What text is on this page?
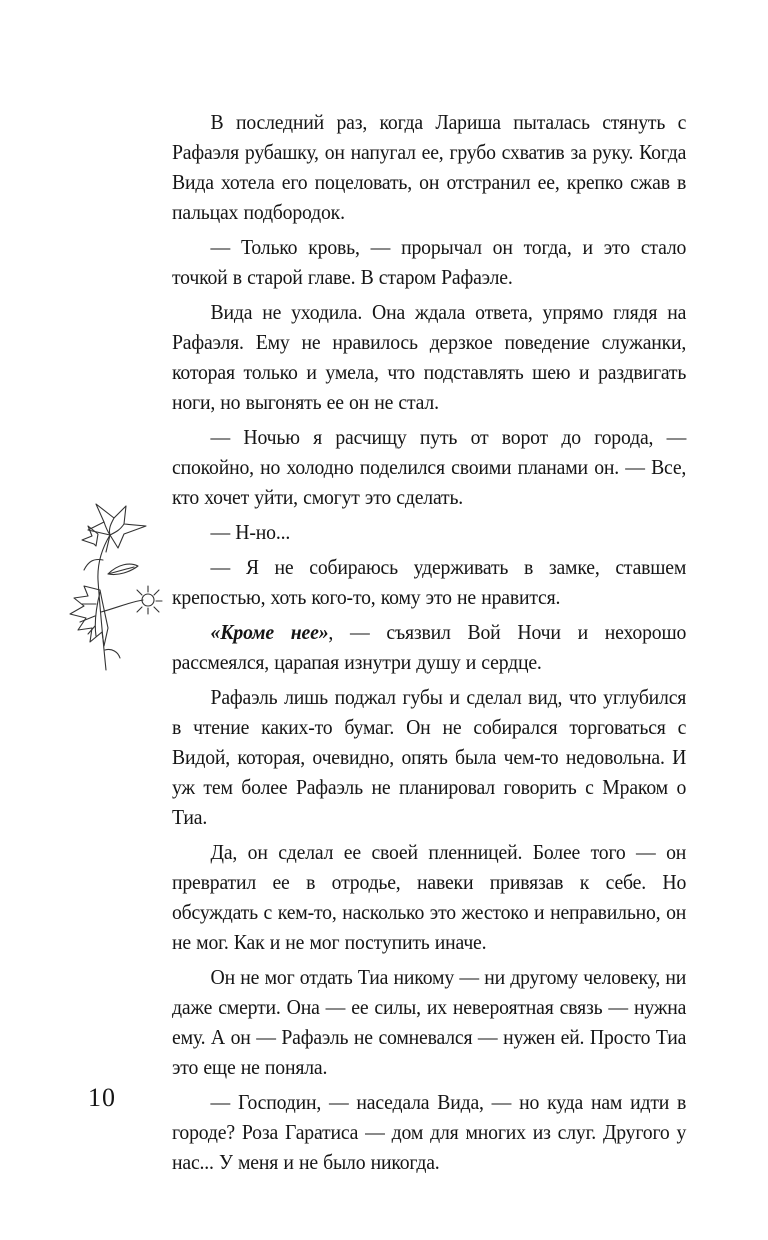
В последний раз, когда Лариша пыталась стянуть с Рафаэля рубашку, он напугал ее, грубо схватив за руку. Когда Вида хотела его поцеловать, он отстранил ее, крепко сжав в пальцах подбородок.

— Только кровь, — прорычал он тогда, и это стало точкой в старой главе. В старом Рафаэле.

Вида не уходила. Она ждала ответа, упрямо глядя на Рафаэля. Ему не нравилось дерзкое поведение служанки, которая только и умела, что подставлять шею и раздвигать ноги, но выгонять ее он не стал.

— Ночью я расчищу путь от ворот до города, — спокойно, но холодно поделился своими планами он. — Все, кто хочет уйти, смогут это сделать.

— Н-но...

— Я не собираюсь удерживать в замке, ставшем крепостью, хоть кого-то, кому это не нравится.

«Кроме нее», — съязвил Вой Ночи и нехорошо рассмеялся, царапая изнутри душу и сердце.

Рафаэль лишь поджал губы и сделал вид, что углубился в чтение каких-то бумаг. Он не собирался торговаться с Видой, которая, очевидно, опять была чем-то недовольна. И уж тем более Рафаэль не планировал говорить с Мраком о Тиа.

Да, он сделал ее своей пленницей. Более того — он превратил ее в отродье, навеки привязав к себе. Но обсуждать с кем-то, насколько это жестоко и неправильно, он не мог. Как и не мог поступить иначе.

Он не мог отдать Тиа никому — ни другому человеку, ни даже смерти. Она — ее силы, их невероятная связь — нужна ему. А он — Рафаэль не сомневался — нужен ей. Просто Тиа это еще не поняла.

— Господин, — наседала Вида, — но куда нам идти в городе? Роза Гаратиса — дом для многих из слуг. Другого у нас... У меня и не было никогда.

10
